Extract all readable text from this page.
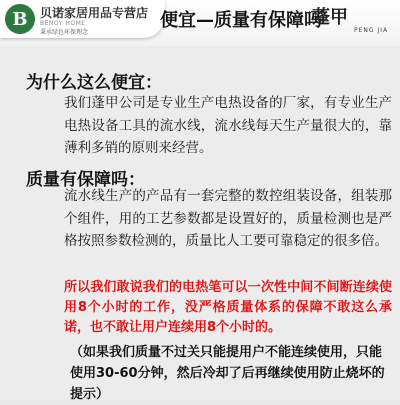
B	贝诺家居用品专营店
BENOY HOME
秉承绿色环保理念
便宜—质量有保障吗
蓬甲
PENG JIA
为什么这么便宜：
我们蓬甲公司是专业生产电热设备的厂家，有专业生产电热设备工具的流水线，流水线每天生产量很大的，靠薄利多销的原则来经营。
质量有保障吗：
流水线生产的产品有一套完整的数控组装设备，组装那个组件，用的工艺参数都是设置好的，质量检测也是严格按照参数检测的，质量比人工要可靠稳定的很多倍。
所以我们敢说我们的电热笔可以一次性中间不间断连续使用8个小时的工作，没严格质量体系的保障不敢这么承诺，也不敢让用户连续用8个小时的。
（如果我们质量不过关只能提用户不能连续使用，只能使用30-60分钟，然后冷却了后再继续使用防止烧坏的提示）
